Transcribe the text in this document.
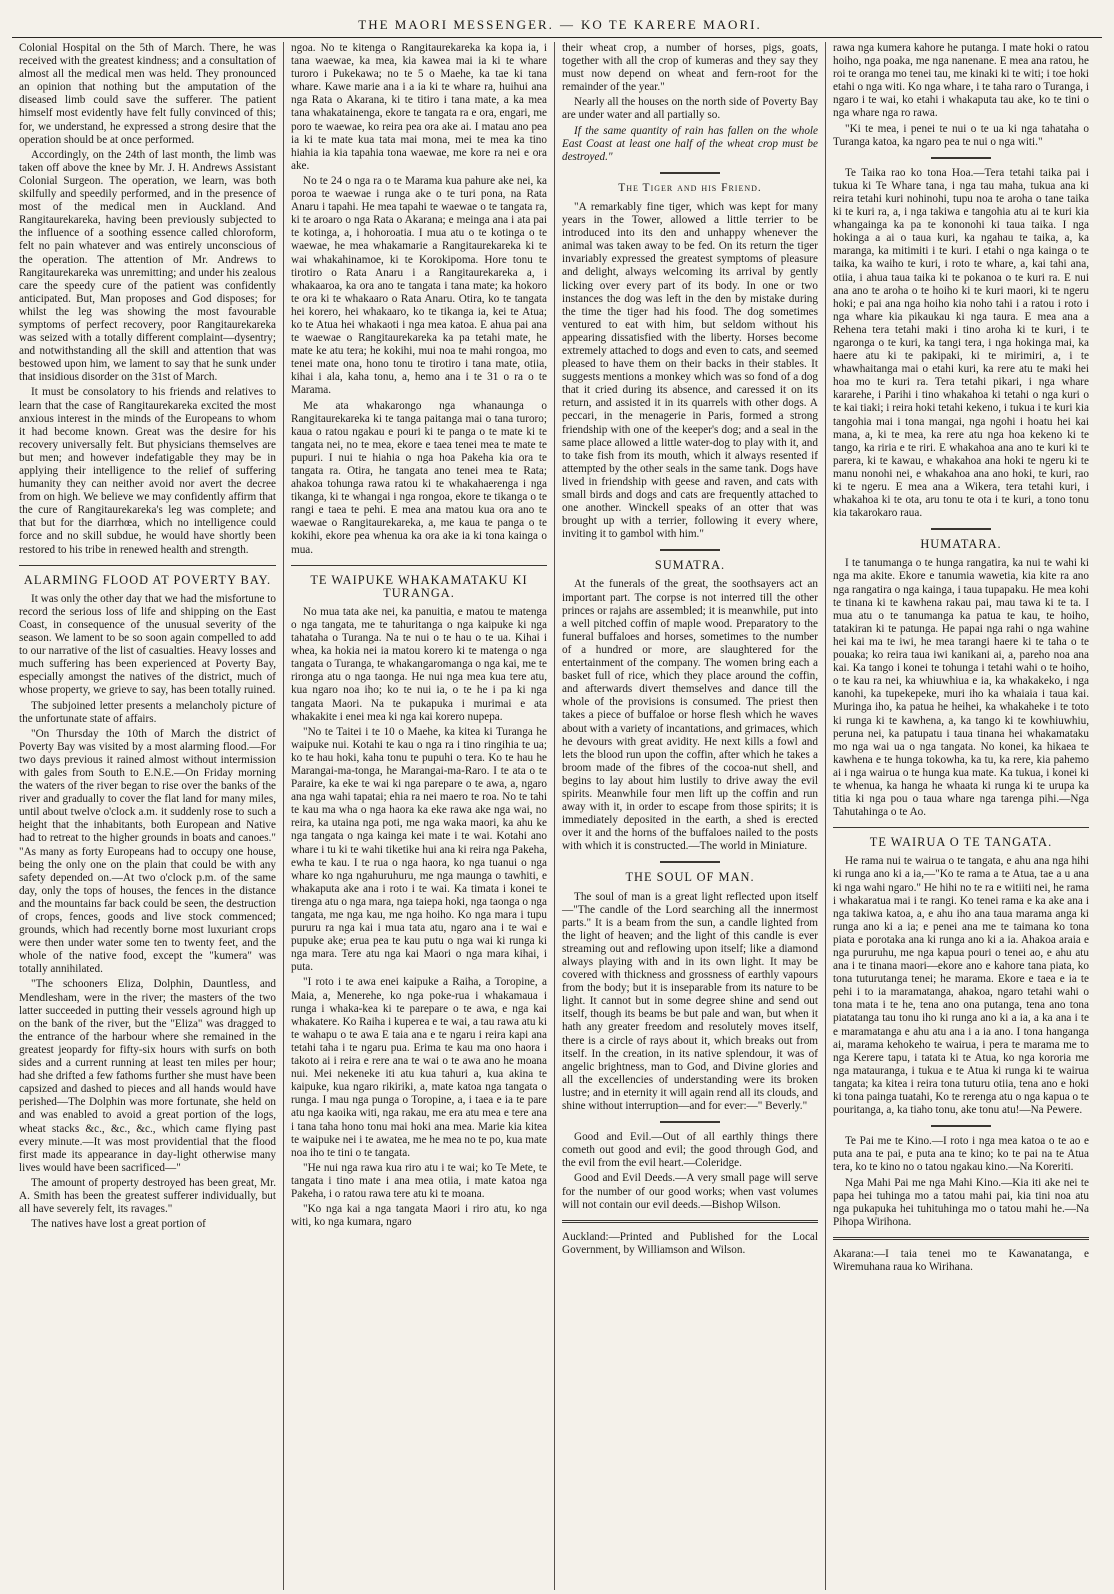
THE MAORI MESSENGER. — KO TE KARERE MAORI.

Colonial Hospital on the 5th of March. There, he was received with the greatest kindness; and a consultation of almost all the medical men was held. They pronounced an opinion that nothing but the amputation of the diseased limb could save the sufferer. The patient himself most evidently have felt fully convinced of this; for, we understand, he expressed a strong desire that the operation should be at once performed.

Accordingly, on the 24th of last month, the limb was taken off above the knee by Mr. J. H. Andrews Assistant Colonial Surgeon. The operation, we learn, was both skilfully and speedily performed, and in the presence of most of the medical men in Auckland. And Rangitaurekareka, having been previously subjected to the influence of a soothing essence called chloroform, felt no pain whatever and was entirely unconscious of the operation. The attention of Mr. Andrews to Rangitaurekareka was unremitting; and under his zealous care the speedy cure of the patient was confidently anticipated. But, Man proposes and God disposes; for whilst the leg was showing the most favourable symptoms of perfect recovery, poor Rangitaurekareka was seized with a totally different complaint—dysentry; and notwithstanding all the skill and attention that was bestowed upon him, we lament to say that he sunk under that insidious disorder on the 31st of March.

It must be consolatory to his friends and relatives to learn that the case of Rangitaurekareka excited the most anxious interest in the minds of the Europeans to whom it had become known. Great was the desire for his recovery universally felt. But physicians themselves are but men; and however indefatigable they may be in applying their intelligence to the relief of suffering humanity they can neither avoid nor avert the decree from on high. We believe we may confidently affirm that the cure of Rangitaurekareka's leg was complete; and that but for the diarrhœa, which no intelligence could force and no skill subdue, he would have shortly been restored to his tribe in renewed health and strength.

ALARMING FLOOD AT POVERTY BAY.

It was only the other day that we had the misfortune to record the serious loss of life and shipping on the East Coast, in consequence of the unusual severity of the season. We lament to be so soon again compelled to add to our narrative of the list of casualties. Heavy losses and much suffering has been experienced at Poverty Bay, especially amongst the natives of the district, much of whose property, we grieve to say, has been totally ruined.

The subjoined letter presents a melancholy picture of the unfortunate state of affairs.

"On Thursday the 10th of March the district of Poverty Bay was visited by a most alarming flood.—For two days previous it rained almost without intermission with gales from South to E.N.E.—On Friday morning the waters of the river began to rise over the banks of the river and gradually to cover the flat land for many miles, until about twelve o'clock a.m. it suddenly rose to such a height that the inhabitants, both European and Native had to retreat to the higher grounds in boats and canoes." "As many as forty Europeans had to occupy one house, being the only one on the plain that could be with any safety depended on.—At two o'clock p.m. of the same day, only the tops of houses, the fences in the distance and the mountains far back could be seen, the destruction of crops, fences, goods and live stock commenced; grounds, which had recently borne most luxuriant crops were then under water some ten to twenty feet, and the whole of the native food, except the "kumera" was totally annihilated.

"The schooners Eliza, Dolphin, Dauntless, and Mendlesham, were in the river; the masters of the two latter succeeded in putting their vessels aground high up on the bank of the river, but the "Eliza" was dragged to the entrance of the harbour where she remained in the greatest jeopardy for fifty-six hours with surfs on both sides and a current running at least ten miles per hour; had she drifted a few fathoms further she must have been capsized and dashed to pieces and all hands would have perished—The Dolphin was more fortunate, she held on and was enabled to avoid a great portion of the logs, wheat stacks &c., &c., &c., which came flying past every minute.—It was most providential that the flood first made its appearance in day-light otherwise many lives would have been sacrificed—"

The amount of property destroyed has been great, Mr. A. Smith has been the greatest sufferer individually, but all have severely felt, its ravages."

The natives have lost a great portion of

ngoa. No te kitenga o Rangitaurekareka ka kopa ia, i tana waewae, ka mea, kia kawea mai ia ki te whare turoro i Pukekawa; no te 5 o Maehe, ka tae ki tana whare. Kawe marie ana i a ia ki te whare ra, huihui ana nga Rata o Akarana, ki te titiro i tana mate, a ka mea tana whakatainenga, ekore te tangata ra e ora, engari, me poro te waewae, ko reira pea ora ake ai. I matau ano pea ia ki te mate kua tata mai mona, mei te mea ka tino hiahia ia kia tapahia tona waewae, me kore ra nei e ora ake.

No te 24 o nga ra o te Marama kua pahure ake nei, ka poroa te waewae i runga ake o te turi pona, na Rata Anaru i tapahi. He mea tapahi te waewae o te tangata ra, ki te aroaro o nga Rata o Akarana; e meinga ana i ata pai te kotinga, a, i hohoroatia. I mua atu o te kotinga o te waewae, he mea whakamarie a Rangitaurekareka ki te wai whakahinamoe, ki te Korokipoma. Hore tonu te tirotiro o Rata Anaru i a Rangitaurekareka a, i whakaaroa, ka ora ano te tangata i tana mate; ka hokoro te ora ki te whakaaro o Rata Anaru. Otira, ko te tangata hei korero, hei whakaaro, ko te tikanga ia, kei te Atua; ko te Atua hei whakaoti i nga mea katoa. E ahua pai ana te waewae o Rangitaurekareka ka pa tetahi mate, he mate ke atu tera; he kokihi, mui noa te mahi rongoa, mo tenei mate ona, hono tonu te tirotiro i tana mate, otiia, kihai i ala, kaha tonu, a, hemo ana i te 31 o ra o te Marama.

Me ata whakarongo nga whanaunga o Rangitaurekareka ki te tanga paitanga mai o tana turoro; kaua o ratou ngakau e pouri ki te panga o te mate ki te tangata nei, no te mea, ekore e taea tenei mea te mate te pupuri. I nui te hiahia o nga hoa Pakeha kia ora te tangata ra. Otira, he tangata ano tenei mea te Rata; ahakoa tohunga rawa ratou ki te whakahaerenga i nga tikanga, ki te whangai i nga rongoa, ekore te tikanga o te rangi e taea te pehi. E mea ana matou kua ora ano te waewae o Rangitaurekareka, a, me kaua te panga o te kokihi, ekore pea whenua ka ora ake ia ki tona kainga o mua.

TE WAIPUKE WHAKAMATAKU KI TURANGA.

No mua tata ake nei, ka panuitia, e matou te matenga o nga tangata, me te tahuritanga o nga kaipuke ki nga tahataha o Turanga. Na te nui o te hau o te ua. Kihai i whea, ka hokia nei ia matou korero ki te matenga o nga tangata o Turanga, te whakangaromanga o nga kai, me te rironga atu o nga taonga. He nui nga mea kua tere atu, kua ngaro noa iho; ko te nui ia, o te he i pa ki nga tangata Maori. Na te pukapuka i murimai e ata whakakite i enei mea ki nga kai korero nupepa.

"No te Taitei i te 10 o Maehe, ka kitea ki Turanga he waipuke nui. Kotahi te kau o nga ra i tino ringihia te ua; ko te hau hoki, kaha tonu te pupuhi o tera. Ko te hau he Marangai-ma-tonga, he Marangai-ma-Raro. I te ata o te Paraire, ka eke te wai ki nga parepare o te awa, a, ngaro ana nga wahi tapatai; ehia ra nei maero te roa. No te tahi te kau ma wha o nga haora ka eke rawa ake nga wai, no reira, ka utaina nga poti, me nga waka maori, ka ahu ke nga tangata o nga kainga kei mate i te wai. Kotahi ano whare i tu ki te wahi tiketike hui ana ki reira nga Pakeha, ewha te kau. I te rua o nga haora, ko nga tuanui o nga whare ko nga ngahuruhuru, me nga maunga o tawhiti, e whakaputa ake ana i roto i te wai. Ka timata i konei te tirenga atu o nga mara, nga taiepa hoki, nga taonga o nga tangata, me nga kau, me nga hoiho. Ko nga mara i tupu pururu ra nga kai i mua tata atu, ngaro ana i te wai e pupuke ake; erua pea te kau putu o nga wai ki runga ki nga mara. Tere atu nga kai Maori o nga mara kihai, i puta.

"I roto i te awa enei kaipuke a Raiha, a Toropine, a Maia, a, Menerehe, ko nga poke-rua i whakamaua i runga i whaka-kea ki te parepare o te awa, e nga kai whakatere. Ko Raiha i kuperea e te wai, a tau rawa atu ki te wahapu o te awa E taia ana e te ngaru i reira kapi ana tetahi taha i te ngaru pua. Erima te kau ma ono haora i takoto ai i reira e rere ana te wai o te awa ano he moana nui. Mei nekeneke iti atu kua tahuri a, kua akina te kaipuke, kua ngaro rikiriki, a, mate katoa nga tangata o runga. I mau nga punga o Toropine, a, i taea e ia te pare atu nga kaoika witi, nga rakau, me era atu mea e tere ana i tana taha hono tonu mai hoki ana mea. Marie kia kitea te waipuke nei i te awatea, me he mea no te po, kua mate noa iho te tini o te tangata.

"He nui nga rawa kua riro atu i te wai; ko Te Mete, te tangata i tino mate i ana mea otiia, i mate katoa nga Pakeha, i o ratou rawa tere atu ki te moana.

"Ko nga kai a nga tangata Maori i riro atu, ko nga witi, ko nga kumara, ngaro

their wheat crop, a number of horses, pigs, goats, together with all the crop of kumeras and they say they must now depend on wheat and fern-root for the remainder of the year."

Nearly all the houses on the north side of Poverty Bay are under water and all partially so.

If the same quantity of rain has fallen on the whole East Coast at least one half of the wheat crop must be destroyed."

The Tiger and his Friend.

"A remarkably fine tiger, which was kept for many years in the Tower, allowed a little terrier to be introduced into its den and unhappy whenever the animal was taken away to be fed. On its return the tiger invariably expressed the greatest symptoms of pleasure and delight, always welcoming its arrival by gently licking over every part of its body. In one or two instances the dog was left in the den by mistake during the time the tiger had his food. The dog sometimes ventured to eat with him, but seldom without his appearing dissatisfied with the liberty. Horses become extremely attached to dogs and even to cats, and seemed pleased to have them on their backs in their stables. It suggests mentions a monkey which was so fond of a dog that it cried during its absence, and caressed it on its return, and assisted it in its quarrels with other dogs. A peccari, in the menagerie in Paris, formed a strong friendship with one of the keeper's dog; and a seal in the same place allowed a little water-dog to play with it, and to take fish from its mouth, which it always resented if attempted by the other seals in the same tank. Dogs have lived in friendship with geese and raven, and cats with small birds and dogs and cats are frequently attached to one another. Winckell speaks of an otter that was brought up with a terrier, following it every where, inviting it to gambol with him."

SUMATRA.

At the funerals of the great, the soothsayers act an important part. The corpse is not interred till the other princes or rajahs are assembled; it is meanwhile, put into a well pitched coffin of maple wood. Preparatory to the funeral buffaloes and horses, sometimes to the number of a hundred or more, are slaughtered for the entertainment of the company. The women bring each a basket full of rice, which they place around the coffin, and afterwards divert themselves and dance till the whole of the provisions is consumed. The priest then takes a piece of buffaloe or horse flesh which he waves about with a variety of incantations, and grimaces, which he devours with great avidity. He next kills a fowl and lets the blood run upon the coffin, after which he takes a broom made of the fibres of the cocoa-nut shell, and begins to lay about him lustily to drive away the evil spirits. Meanwhile four men lift up the coffin and run away with it, in order to escape from those spirits; it is immediately deposited in the earth, a shed is erected over it and the horns of the buffaloes nailed to the posts with which it is constructed.—The world in Miniature.

THE SOUL OF MAN.

The soul of man is a great light reflected upon itself—"The candle of the Lord searching all the innermost parts." It is a beam from the sun, a candle lighted from the light of heaven; and the light of this candle is ever streaming out and reflowing upon itself; like a diamond always playing with and in its own light. It may be covered with thickness and grossness of earthly vapours from the body; but it is inseparable from its nature to be light. It cannot but in some degree shine and send out itself, though its beams be but pale and wan, but when it hath any greater freedom and resolutely moves itself, there is a circle of rays about it, which breaks out from itself. In the creation, in its native splendour, it was of angelic brightness, man to God, and Divine glories and all the excellencies of understanding were its broken lustre; and in eternity it will again rend all its clouds, and shine without interruption—and for ever:—" Beverly."

Good and Evil.—Out of all earthly things there cometh out good and evil; the good through God, and the evil from the evil heart.—Coleridge.

Good and Evil Deeds.—A very small page will serve for the number of our good works; when vast volumes will not contain our evil deeds.—Bishop Wilson.

Auckland:—Printed and Published for the Local Government, by Williamson and Wilson.

rawa nga kumera kahore he putanga. I mate hoki o ratou hoiho, nga poaka, me nga nanenane. E mea ana ratou, he roi te oranga mo tenei tau, me kinaki ki te witi; i toe hoki etahi o nga witi. Ko nga whare, i te taha raro o Turanga, i ngaro i te wai, ko etahi i whakaputa tau ake, ko te tini o nga whare nga ro rawa.

"Ki te mea, i penei te nui o te ua ki nga tahataha o Turanga katoa, ka ngaro pea te nui o nga witi."

Te Taika rao ko tona Hoa.—Tera tetahi taika pai i tukua ki Te Whare tana, i nga tau maha, tukua ana ki reira tetahi kuri nohinohi, tupu noa te aroha o tane taika ki te kuri ra, a, i nga takiwa e tangohia atu ai te kuri kia whangainga ka pa te kononohi ki taua taika. I nga hokinga a ai o taua kuri, ka ngahau te taika, a, ka maranga, ka mitimiti i te kuri. I etahi o nga kainga o te taika, ka waiho te kuri, i roto te whare, a, kai tahi ana, otiia, i ahua taua taika ki te pokanoa o te kuri ra. E nui ana ano te aroha o te hoiho ki te kuri maori, ki te ngeru hoki; e pai ana nga hoiho kia noho tahi i a ratou i roto i nga whare kia pikaukau ki nga taura. E mea ana a Rehena tera tetahi maki i tino aroha ki te kuri, i te ngaronga o te kuri, ka tangi tera, i nga hokinga mai, ka haere atu ki te pakipaki, ki te mirimiri, a, i te whawhaitanga mai o etahi kuri, ka rere atu te maki hei hoa mo te kuri ra. Tera tetahi pikari, i nga whare kararehe, i Parihi i tino whakahoa ki tetahi o nga kuri o te kai tiaki; i reira hoki tetahi kekeno, i tukua i te kuri kia tangohia mai i tona mangai, nga ngohi i hoatu hei kai mana, a, ki te mea, ka rere atu nga hoa kekeno ki te tango, ka riria e te riri. E whakahoa ana ano te kuri ki te parera, ki te kawau, e whakahoa ana hoki te ngeru ki te manu nonohi nei, e whakahoa ana ano hoki, te kuri, rao ki te ngeru. E mea ana a Wikera, tera tetahi kuri, i whakahoa ki te ota, aru tonu te ota i te kuri, a tono tonu kia takarokaro raua.

HUMATARA.

I te tanumanga o te hunga rangatira, ka nui te wahi ki nga ma akite. Ekore e tanumia wawetia, kia kite ra ano nga rangatira o nga kainga, i taua tupapaku. He mea kohi te tinana ki te kawhena rakau pai, mau tawa ki te ta. I mua atu o te tanumanga ka patua te kau, te hoiho, tatakiran ki te patunga. He papai nga rahi o nga wahine hei kai ma te iwi, he mea tarangi haere ki te taha o te pouaka; ko reira taua iwi kanikani ai, a, pareho noa ana kai. Ka tango i konei te tohunga i tetahi wahi o te hoiho, o te kau ra nei, ka whiuwhiua e ia, ka whakakeko, i nga kanohi, ka tupekepeke, muri iho ka whaiaia i taua kai. Muringa iho, ka patua he heihei, ka whakaheke i te toto ki runga ki te kawhena, a, ka tango ki te kowhiuwhiu, peruna nei, ka patupatu i taua tinana hei whakamataku mo nga wai ua o nga tangata. No konei, ka hikaea te kawhena e te hunga tokowha, ka tu, ka rere, kia pahemo ai i nga wairua o te hunga kua mate. Ka tukua, i konei ki te whenua, ka hanga he whaata ki runga ki te urupa ka titia ki nga pou o taua whare nga tarenga pihi.—Nga Tahutahinga o te Ao.

TE WAIRUA O TE TANGATA.

He rama nui te wairua o te tangata, e ahu ana nga hihi ki runga ano ki a ia,—"Ko te rama a te Atua, tae a u ana ki nga wahi ngaro." He hihi no te ra e witiiti nei, he rama i whakaratua mai i te rangi. Ko tenei rama e ka ake ana i nga takiwa katoa, a, e ahu iho ana taua marama anga ki runga ano ki a ia; e penei ana me te taimana ko tona piata e porotaka ana ki runga ano ki a ia. Ahakoa araia e nga pururuhu, me nga kapua pouri o tenei ao, e ahu atu ana i te tinana maori—ekore ano e kahore tana piata, ko tona tuturutanga tenei; he marama. Ekore e taea e ia te pehi i to ia maramatanga, ahakoa, ngaro tetahi wahi o tona mata i te he, tena ano ona putanga, tena ano tona piatatanga tau tonu iho ki runga ano ki a ia, a ka ana i te e maramatanga e ahu atu ana i a ia ano. I tona hanganga ai, marama kehokeho te wairua, i pera te marama me to nga Kerere tapu, i tatata ki te Atua, ko nga kororia me nga matauranga, i tukua e te Atua ki runga ki te wairua tangata; ka kitea i reira tona tuturu otiia, tena ano e hoki ki tona painga tuatahi, Ko te rerenga atu o nga kapua o te pouritanga, a, ka tiaho tonu, ake tonu atu!—Na Pewere.

Te Pai me te Kino.—I roto i nga mea katoa o te ao e puta ana te pai, e puta ana te kino; ko te pai na te Atua tera, ko te kino no o tatou ngakau kino.—Na Koreriti.

Nga Mahi Pai me nga Mahi Kino.—Kia iti ake nei te papa hei tuhinga mo a tatou mahi pai, kia tini noa atu nga pukapuka hei tuhituhinga mo o tatou mahi he.—Na Pihopa Wirihona.

Akarana:—I taia tenei mo te Kawanatanga, e Wiremuhana raua ko Wirihana.
